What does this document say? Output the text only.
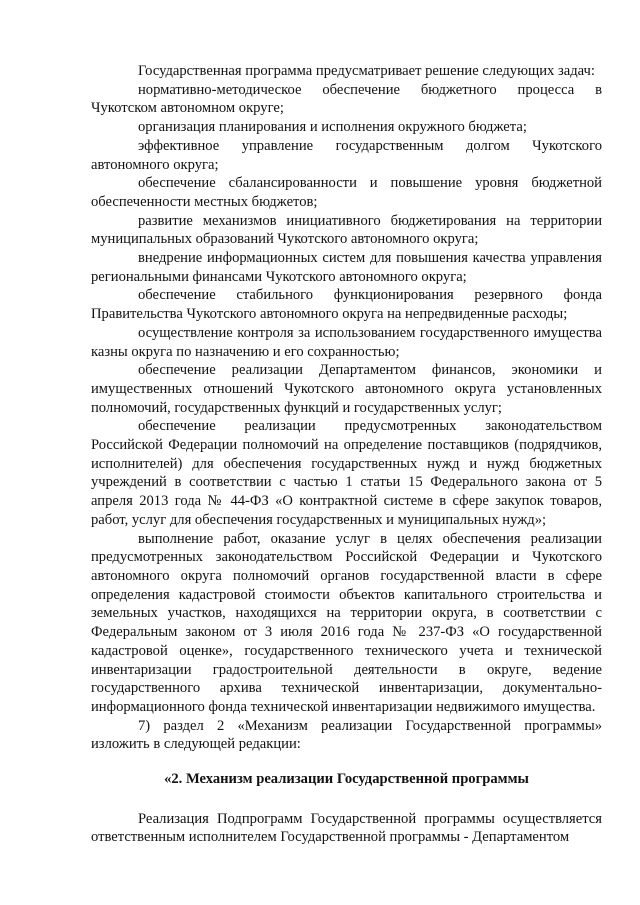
Государственная программа предусматривает решение следующих задач:

нормативно-методическое обеспечение бюджетного процесса в Чукотском автономном округе;

организация планирования и исполнения окружного бюджета;

эффективное управление государственным долгом Чукотского автономного округа;

обеспечение сбалансированности и повышение уровня бюджетной обеспеченности местных бюджетов;

развитие механизмов инициативного бюджетирования на территории муниципальных образований Чукотского автономного округа;

внедрение информационных систем для повышения качества управления региональными финансами Чукотского автономного округа;

обеспечение стабильного функционирования резервного фонда Правительства Чукотского автономного округа на непредвиденные расходы;

осуществление контроля за использованием государственного имущества казны округа по назначению и его сохранностью;

обеспечение реализации Департаментом финансов, экономики и имущественных отношений Чукотского автономного округа установленных полномочий, государственных функций и государственных услуг;

обеспечение реализации предусмотренных законодательством Российской Федерации полномочий на определение поставщиков (подрядчиков, исполнителей) для обеспечения государственных нужд и нужд бюджетных учреждений в соответствии с частью 1 статьи 15 Федерального закона от 5 апреля 2013 года № 44-ФЗ «О контрактной системе в сфере закупок товаров, работ, услуг для обеспечения государственных и муниципальных нужд»;

выполнение работ, оказание услуг в целях обеспечения реализации предусмотренных законодательством Российской Федерации и Чукотского автономного округа полномочий органов государственной власти в сфере определения кадастровой стоимости объектов капитального строительства и земельных участков, находящихся на территории округа, в соответствии с Федеральным законом от 3 июля 2016 года № 237-ФЗ «О государственной кадастровой оценке», государственного технического учета и технической инвентаризации градостроительной деятельности в округе, ведение государственного архива технической инвентаризации, документально-информационного фонда технической инвентаризации недвижимого имущества.

7) раздел 2 «Механизм реализации Государственной программы» изложить в следующей редакции:

«2. Механизм реализации Государственной программы

Реализация Подпрограмм Государственной программы осуществляется ответственным исполнителем Государственной программы - Департаментом
